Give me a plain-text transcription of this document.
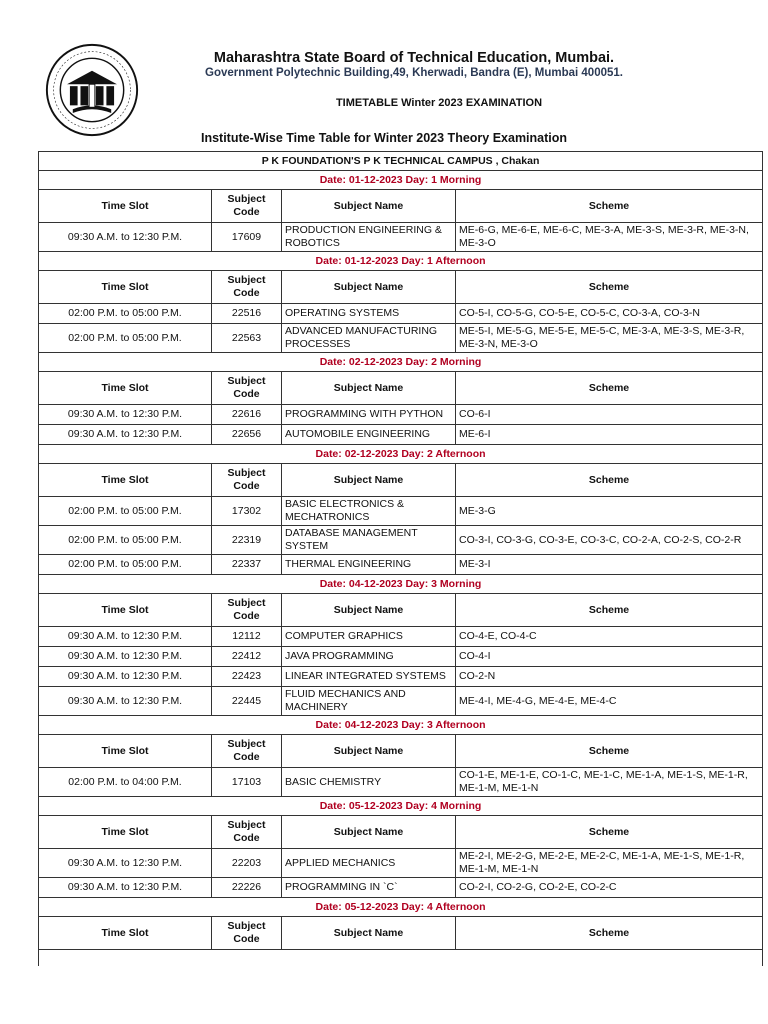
Maharashtra State Board of Technical Education, Mumbai.
Government Polytechnic Building,49, Kherwadi, Bandra (E), Mumbai 400051.
TIMETABLE Winter 2023 EXAMINATION
Institute-Wise Time Table for Winter 2023 Theory Examination
P K FOUNDATION'S P K TECHNICAL CAMPUS , Chakan			
Date: 01-12-2023 Day: 1 Morning			
Time Slot	Subject Code	Subject Name	Scheme
09:30 A.M. to 12:30 P.M.	17609	PRODUCTION ENGINEERING & ROBOTICS	ME-6-G, ME-6-E, ME-6-C, ME-3-A, ME-3-S, ME-3-R, ME-3-N, ME-3-O
Date: 01-12-2023 Day: 1 Afternoon			
Time Slot	Subject Code	Subject Name	Scheme
02:00 P.M. to 05:00 P.M.	22516	OPERATING SYSTEMS	CO-5-I, CO-5-G, CO-5-E, CO-5-C, CO-3-A, CO-3-N
02:00 P.M. to 05:00 P.M.	22563	ADVANCED MANUFACTURING PROCESSES	ME-5-I, ME-5-G, ME-5-E, ME-5-C, ME-3-A, ME-3-S, ME-3-R, ME-3-N, ME-3-O
Date: 02-12-2023 Day: 2 Morning			
Time Slot	Subject Code	Subject Name	Scheme
09:30 A.M. to 12:30 P.M.	22616	PROGRAMMING WITH PYTHON	CO-6-I
09:30 A.M. to 12:30 P.M.	22656	AUTOMOBILE ENGINEERING	ME-6-I
Date: 02-12-2023 Day: 2 Afternoon			
Time Slot	Subject Code	Subject Name	Scheme
02:00 P.M. to 05:00 P.M.	17302	BASIC ELECTRONICS & MECHATRONICS	ME-3-G
02:00 P.M. to 05:00 P.M.	22319	DATABASE MANAGEMENT SYSTEM	CO-3-I, CO-3-G, CO-3-E, CO-3-C, CO-2-A, CO-2-S, CO-2-R
02:00 P.M. to 05:00 P.M.	22337	THERMAL ENGINEERING	ME-3-I
Date: 04-12-2023 Day: 3 Morning			
Time Slot	Subject Code	Subject Name	Scheme
09:30 A.M. to 12:30 P.M.	12112	COMPUTER GRAPHICS	CO-4-E, CO-4-C
09:30 A.M. to 12:30 P.M.	22412	JAVA PROGRAMMING	CO-4-I
09:30 A.M. to 12:30 P.M.	22423	LINEAR INTEGRATED SYSTEMS	CO-2-N
09:30 A.M. to 12:30 P.M.	22445	FLUID MECHANICS AND MACHINERY	ME-4-I, ME-4-G, ME-4-E, ME-4-C
Date: 04-12-2023 Day: 3 Afternoon			
Time Slot	Subject Code	Subject Name	Scheme
02:00 P.M. to 04:00 P.M.	17103	BASIC CHEMISTRY	CO-1-E, ME-1-E, CO-1-C, ME-1-C, ME-1-A, ME-1-S, ME-1-R, ME-1-M, ME-1-N
Date: 05-12-2023 Day: 4 Morning			
Time Slot	Subject Code	Subject Name	Scheme
09:30 A.M. to 12:30 P.M.	22203	APPLIED MECHANICS	ME-2-I, ME-2-G, ME-2-E, ME-2-C, ME-1-A, ME-1-S, ME-1-R, ME-1-M, ME-1-N
09:30 A.M. to 12:30 P.M.	22226	PROGRAMMING IN `C`	CO-2-I, CO-2-G, CO-2-E, CO-2-C
Date: 05-12-2023 Day: 4 Afternoon			
Time Slot	Subject Code	Subject Name	Scheme
